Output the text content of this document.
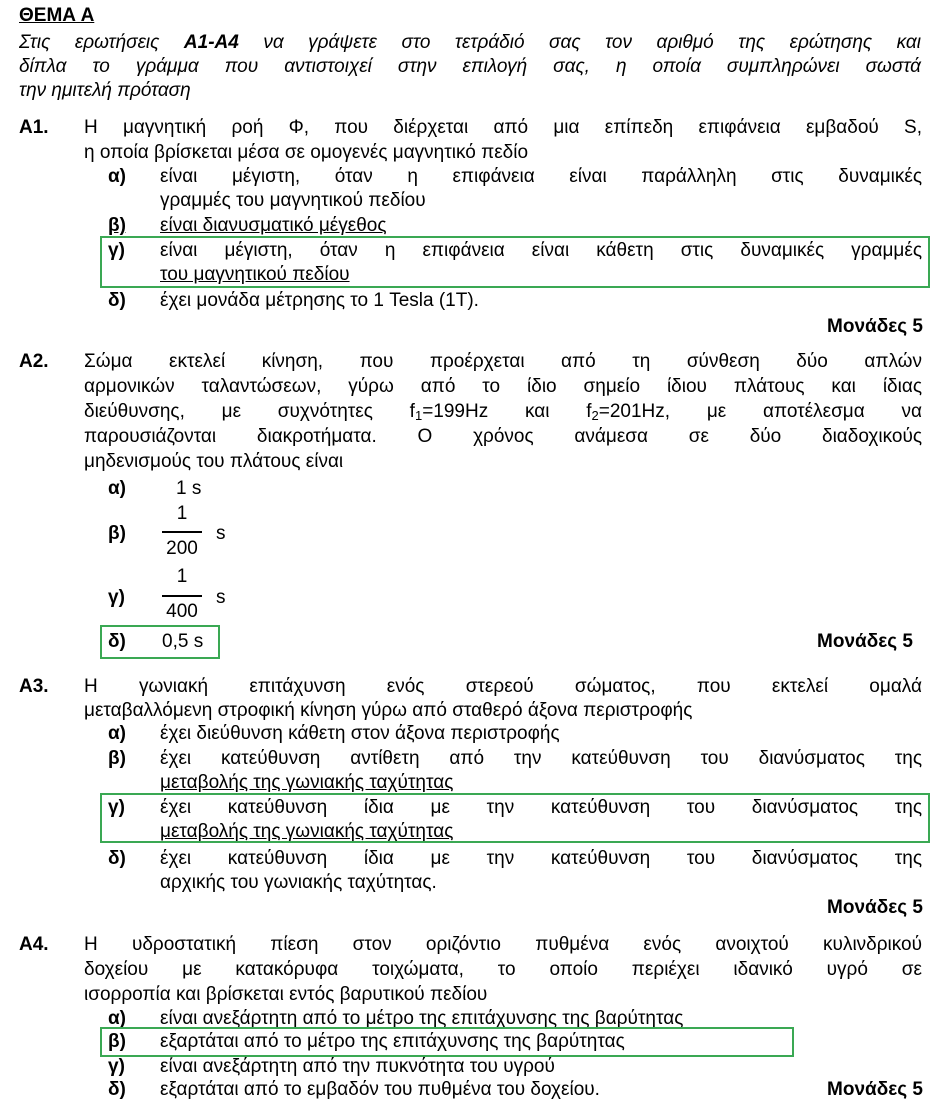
ΘΕΜΑ Α
Στις ερωτήσεις Α1-Α4 να γράψετε στο τετράδιό σας τον αριθμό της ερώτησης και
δίπλα το γράμμα που αντιστοιχεί στην επιλογή σας, η οποία συμπληρώνει σωστά
την ημιτελή πρόταση
Α1. Η μαγνητική ροή Φ, που διέρχεται από μια επίπεδη επιφάνεια εμβαδού S,
η οποία βρίσκεται μέσα σε ομογενές μαγνητικό πεδίο
α) είναι μέγιστη, όταν η επιφάνεια είναι παράλληλη στις δυναμικές
γραμμές του μαγνητικού πεδίου
β) είναι διανυσματικό μέγεθος
γ) είναι μέγιστη, όταν η επιφάνεια είναι κάθετη στις δυναμικές γραμμές
του μαγνητικού πεδίου
δ) έχει μονάδα μέτρησης το 1 Tesla (1T).
Μονάδες 5
Α2. Σώμα εκτελεί κίνηση, που προέρχεται από τη σύνθεση δύο απλών
αρμονικών ταλαντώσεων, γύρω από το ίδιο σημείο ίδιου πλάτους και ίδιας
διεύθυνσης, με συχνότητες $f_1=199Hz$ και $f_2=201Hz$, με αποτέλεσμα να
παρουσιάζονται διακροτήματα. Ο χρόνος ανάμεσα σε δύο διαδοχικούς
μηδενισμούς του πλάτους είναι
α)	1 s
β)
1
200
s
γ)
1
400
s
δ) 0,5 s	Μονάδες 5
Α3. Η γωνιακή επιτάχυνση ενός στερεού σώματος, που εκτελεί ομαλά
μεταβαλλόμενη στροφική κίνηση γύρω από σταθερό άξονα περιστροφής
α) έχει διεύθυνση κάθετη στον άξονα περιστροφής
β) έχει κατεύθυνση αντίθετη από την κατεύθυνση του διανύσματος της
μεταβολής της γωνιακής ταχύτητας
γ) έχει κατεύθυνση ίδια με την κατεύθυνση του διανύσματος της
μεταβολής της γωνιακής ταχύτητας
δ) έχει κατεύθυνση ίδια με την κατεύθυνση του διανύσματος της
αρχικής του γωνιακής ταχύτητας.
Μονάδες 5
Α4. Η υδροστατική πίεση στον οριζόντιο πυθμένα ενός ανοιχτού κυλινδρικού
δοχείου με κατακόρυφα τοιχώματα, το οποίο περιέχει ιδανικό υγρό σε
ισορροπία και βρίσκεται εντός βαρυτικού πεδίου
α) είναι ανεξάρτητη από το μέτρο της επιτάχυνσης της βαρύτητας
β) εξαρτάται από το μέτρο της επιτάχυνσης της βαρύτητας
γ) είναι ανεξάρτητη από την πυκνότητα του υγρού
δ) εξαρτάται από το εμβαδόν του πυθμένα του δοχείου.	Μονάδες 5
